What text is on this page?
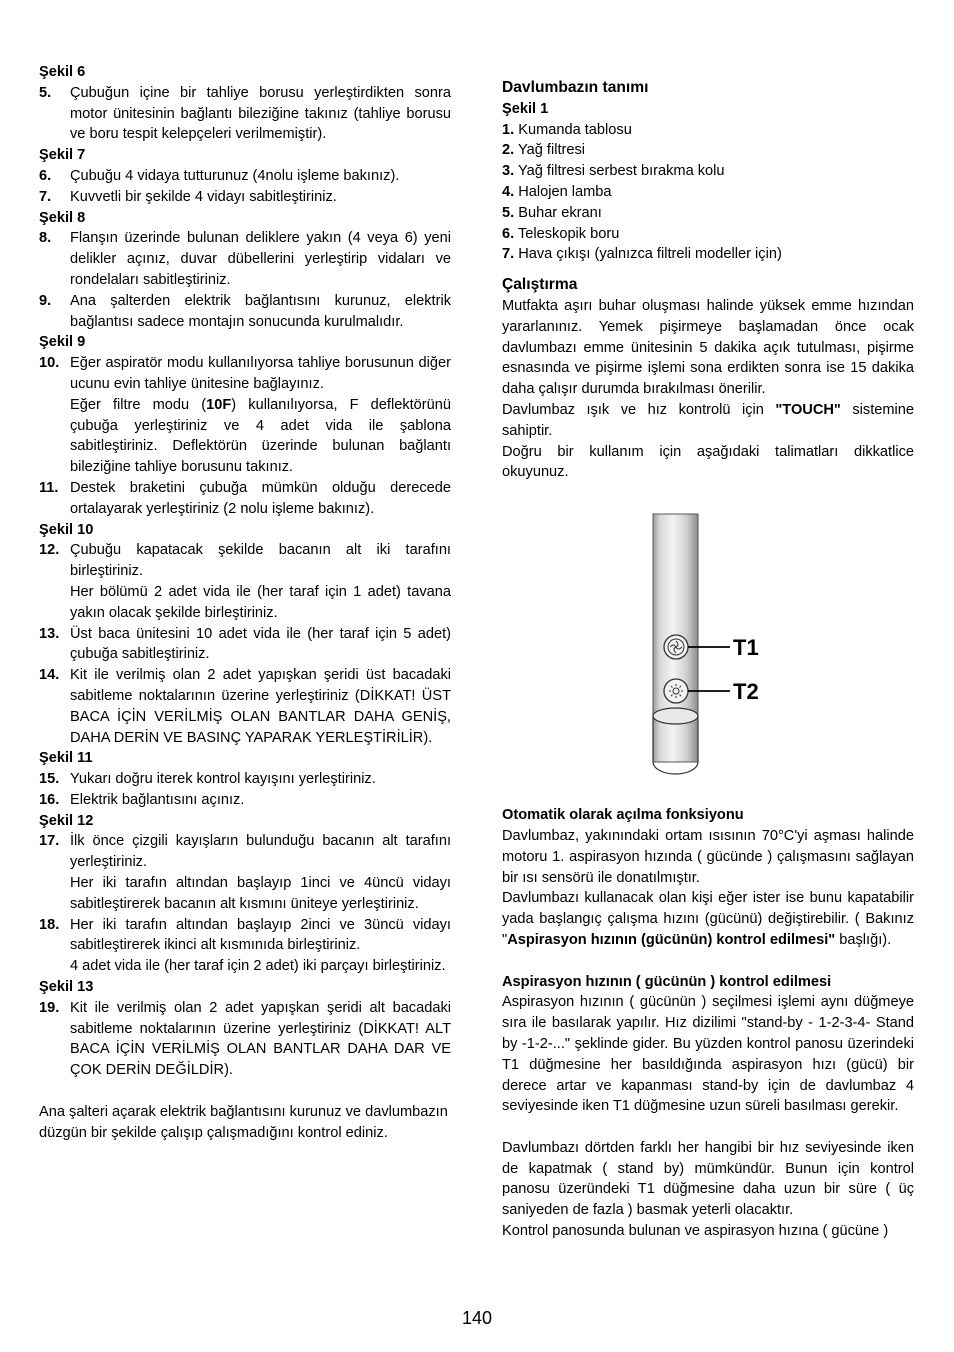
Şekil 6
5.	Çubuğun içine bir tahliye borusu yerleştirdikten sonra motor ünitesinin bağlantı bileziğine takınız (tahliye borusu ve boru tespit kelepçeleri verilmemiştir).
Şekil 7
6.	Çubuğu 4 vidaya tutturunuz (4nolu işleme bakınız).
7.	Kuvvetli bir şekilde 4 vidayı sabitleştiriniz.
Şekil 8
8.	Flanşın üzerinde bulunan deliklere yakın (4 veya 6) yeni delikler açınız, duvar dübellerini yerleştirip vidaları ve rondelaları sabitleştiriniz.
9.	Ana şalterden elektrik bağlantısını kurunuz, elektrik bağlantısı sadece montajın sonucunda kurulmalıdır.
Şekil 9
10. Eğer aspiratör modu kullanılıyorsa tahliye borusunun diğer ucunu evin tahliye ünitesine bağlayınız.

Eğer filtre modu (10F) kullanılıyorsa, F deflektörünü çubuğa yerleştiriniz ve 4 adet vida ile şablona sabitleştiriniz. Deflektörün üzerinde bulunan bağlantı bileziğine tahliye borusunu takınız.

11. Destek braketini çubuğa mümkün olduğu derecede ortalayarak yerleştiriniz (2 nolu işleme bakınız).
Şekil 10
12. Çubuğu kapatacak şekilde bacanın alt iki tarafını birleştiriniz.

Her bölümü 2 adet vida ile (her taraf için 1 adet) tavana yakın olacak şekilde birleştiriniz.

13. Üst baca ünitesini 10 adet vida ile (her taraf için 5 adet) çubuğa sabitleştiriniz.
14. Kit ile verilmiş olan 2 adet yapışkan şeridi üst bacadaki sabitleme noktalarının üzerine yerleştiriniz (DİKKAT! ÜST BACA İÇİN VERİLMİŞ OLAN BANTLAR DAHA GENİŞ, DAHA DERİN VE BASINÇ YAPARAK YERLEŞTİRİLİR).
Şekil 11
15. Yukarı doğru iterek kontrol kayışını yerleştiriniz.
16. Elektrik bağlantısını açınız.
Şekil 12
17. İlk önce çizgili kayışların bulunduğu bacanın alt tarafını yerleştiriniz.

Her iki tarafın altından başlayıp 1inci ve 4üncü vidayı sabitleştirerek bacanın alt kısmını üniteye yerleştiriniz.

18. Her iki tarafın altından başlayıp 2inci ve 3üncü vidayı sabitleştirerek ikinci alt kısmınıda birleştiriniz.

4 adet vida ile (her taraf için 2 adet) iki parçayı birleştiriniz.

Şekil 13
19. Kit ile verilmiş olan 2 adet yapışkan şeridi alt bacadaki sabitleme noktalarının üzerine yerleştiriniz (DİKKAT! ALT BACA İÇİN VERİLMİŞ OLAN BANTLAR DAHA DAR VE ÇOK DERİN DEĞİLDİR).

Ana şalteri açarak elektrik bağlantısını kurunuz ve davlumbazın düzgün bir şekilde çalışıp çalışmadığını kontrol ediniz.

Davlumbazın tanımı

Şekil 1
1. Kumanda tablosu
2. Yağ filtresi
3. Yağ filtresi serbest bırakma kolu
4. Halojen lamba
5. Buhar ekranı
6. Teleskopik boru
7. Hava çıkışı (yalnızca filtreli modeller için)

Çalıştırma

Mutfakta aşırı buhar oluşması halinde yüksek emme hızından yararlanınız. Yemek pişirmeye başlamadan önce ocak davlumbazı emme ünitesinin 5 dakika açık tutulması, pişirme esnasında ve pişirme işlemi sona erdikten sonra ise 15 dakika daha çalışır durumda bırakılması önerilir.

Davlumbaz ışık ve hız kontrolü için "TOUCH" sistemine sahiptir.

Doğru bir kullanım için aşağıdaki talimatları dikkatlice okuyunuz.

Otomatik olarak açılma fonksiyonu

Davlumbaz, yakınındaki ortam ısısının 70°C'yi aşması halinde motoru 1. aspirasyon hızında ( gücünde ) çalışmasını sağlayan bir ısı sensörü ile donatılmıştır.

Davlumbazı kullanacak olan kişi eğer ister ise bunu kapatabilir yada başlangıç çalışma hızını (gücünü) değiştirebilir. ( Bakınız "Aspirasyon hızının (gücünün) kontrol edilmesi" başlığı).

Aspirasyon hızının ( gücünün ) kontrol edilmesi

Aspirasyon hızının ( gücünün ) seçilmesi işlemi aynı düğmeye sıra ile basılarak yapılır. Hız dizilimi "stand-by - 1-2-3-4- Stand by -1-2-..." şeklinde gider. Bu yüzden kontrol panosu üzerindeki T1 düğmesine her basıldığında aspirasyon hızı (gücü) bir derece artar ve kapanması stand-by için de davlumbaz 4 seviyesinde iken T1 düğmesine uzun süreli basılması gerekir.

Davlumbazı dörtden farklı her hangibi bir hız seviyesinde iken de kapatmak ( stand by) mümkündür. Bunun için kontrol panosu üzeründeki T1 düğmesine daha uzun bir süre ( üç saniyeden de fazla ) basmak yeterli olacaktır.

Kontrol panosunda bulunan ve aspirasyon hızına ( gücüne )

T1
T2
140
